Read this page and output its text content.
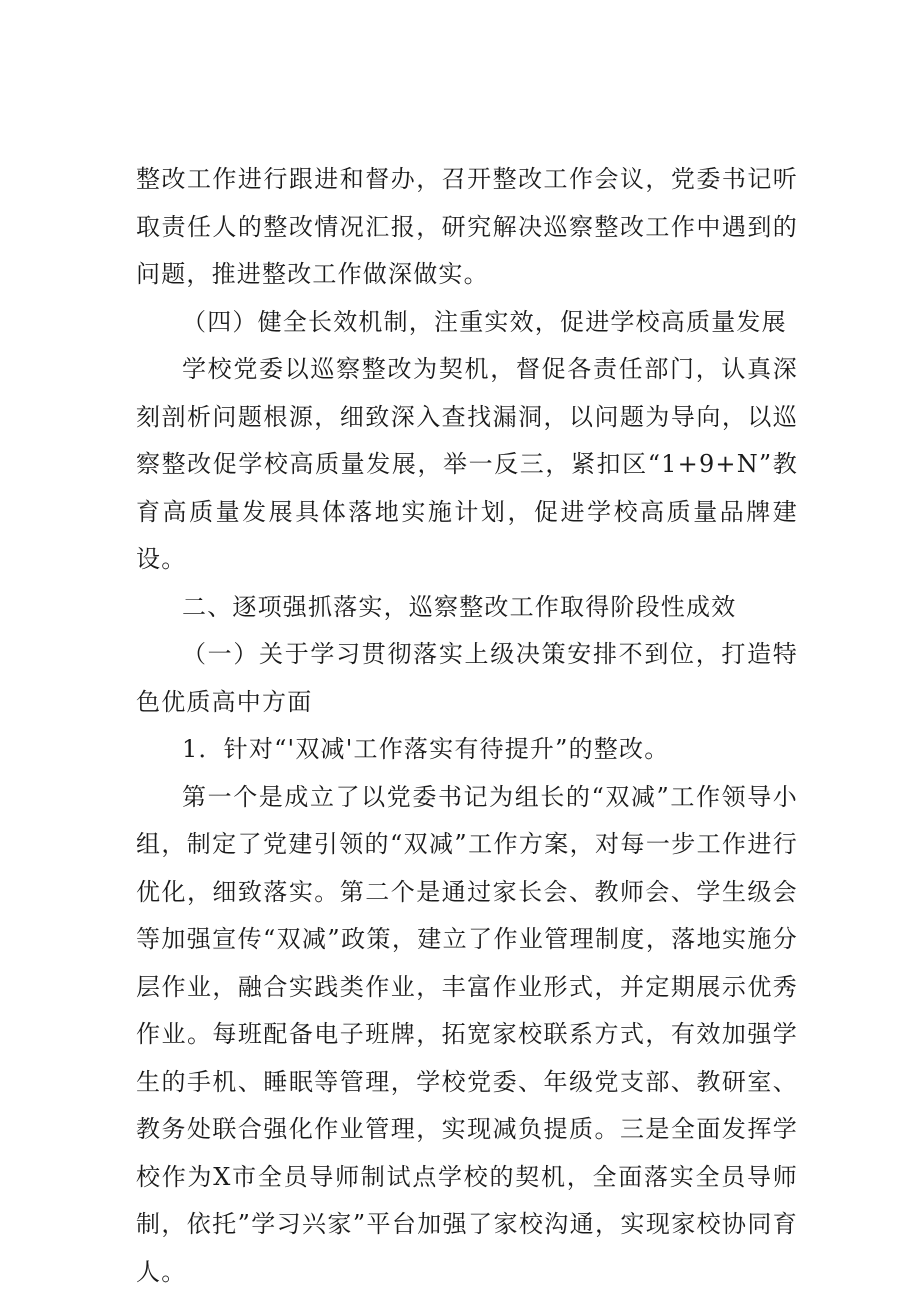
整改工作进行跟进和督办，召开整改工作会议，党委书记听取责任人的整改情况汇报，研究解决巡察整改工作中遇到的问题，推进整改工作做深做实。

（四）健全长效机制，注重实效，促进学校高质量发展

学校党委以巡察整改为契机，督促各责任部门，认真深刻剖析问题根源，细致深入查找漏洞，以问题为导向，以巡察整改促学校高质量发展，举一反三，紧扣区“1+9+N”教育高质量发展具体落地实施计划，促进学校高质量品牌建设。

二、逐项强抓落实，巡察整改工作取得阶段性成效

（一）关于学习贯彻落实上级决策安排不到位，打造特色优质高中方面

1．针对“'双减'工作落实有待提升”的整改。

第一个是成立了以党委书记为组长的“双减”工作领导小组，制定了党建引领的“双减”工作方案，对每一步工作进行优化，细致落实。第二个是通过家长会、教师会、学生级会等加强宣传“双减”政策，建立了作业管理制度，落地实施分层作业，融合实践类作业，丰富作业形式，并定期展示优秀作业。每班配备电子班牌，拓宽家校联系方式，有效加强学生的手机、睡眠等管理，学校党委、年级党支部、教研室、教务处联合强化作业管理，实现减负提质。三是全面发挥学校作为X市全员导师制试点学校的契机，全面落实全员导师制，依托”学习兴家”平台加强了家校沟通，实现家校协同育人。
